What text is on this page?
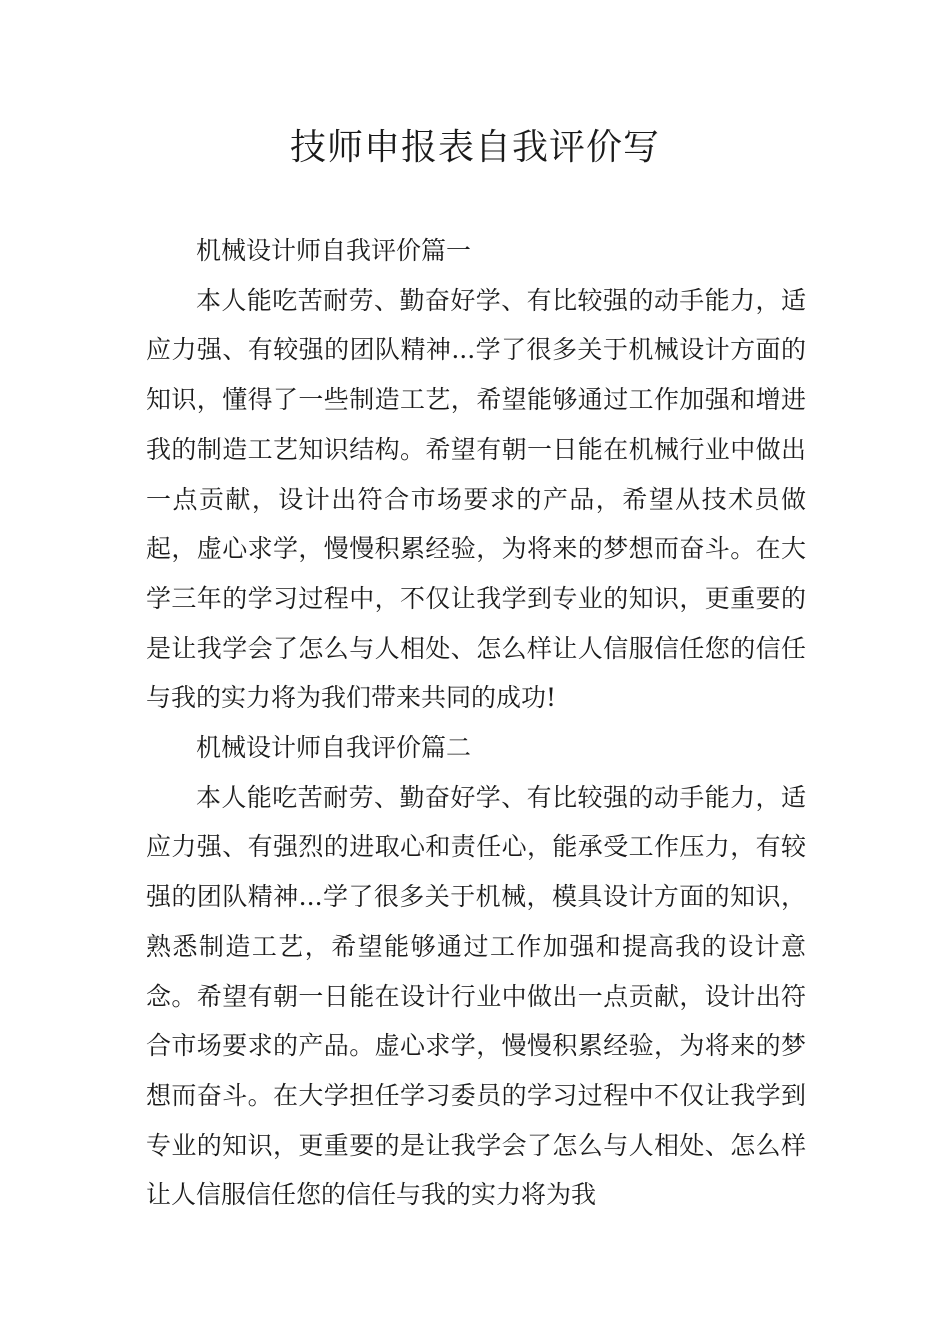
技师申报表自我评价写

机械设计师自我评价篇一

本人能吃苦耐劳、勤奋好学、有比较强的动手能力，适应力强、有较强的团队精神...学了很多关于机械设计方面的知识，懂得了一些制造工艺，希望能够通过工作加强和增进我的制造工艺知识结构。希望有朝一日能在机械行业中做出一点贡献，设计出符合市场要求的产品，希望从技术员做起，虚心求学，慢慢积累经验，为将来的梦想而奋斗。在大学三年的学习过程中，不仅让我学到专业的知识，更重要的是让我学会了怎么与人相处、怎么样让人信服信任您的信任与我的实力将为我们带来共同的成功!

机械设计师自我评价篇二

本人能吃苦耐劳、勤奋好学、有比较强的动手能力，适应力强、有强烈的进取心和责任心，能承受工作压力，有较强的团队精神...学了很多关于机械，模具设计方面的知识，熟悉制造工艺，希望能够通过工作加强和提高我的设计意念。希望有朝一日能在设计行业中做出一点贡献，设计出符合市场要求的产品。虚心求学，慢慢积累经验，为将来的梦想而奋斗。在大学担任学习委员的学习过程中不仅让我学到专业的知识，更重要的是让我学会了怎么与人相处、怎么样让人信服信任您的信任与我的实力将为我
